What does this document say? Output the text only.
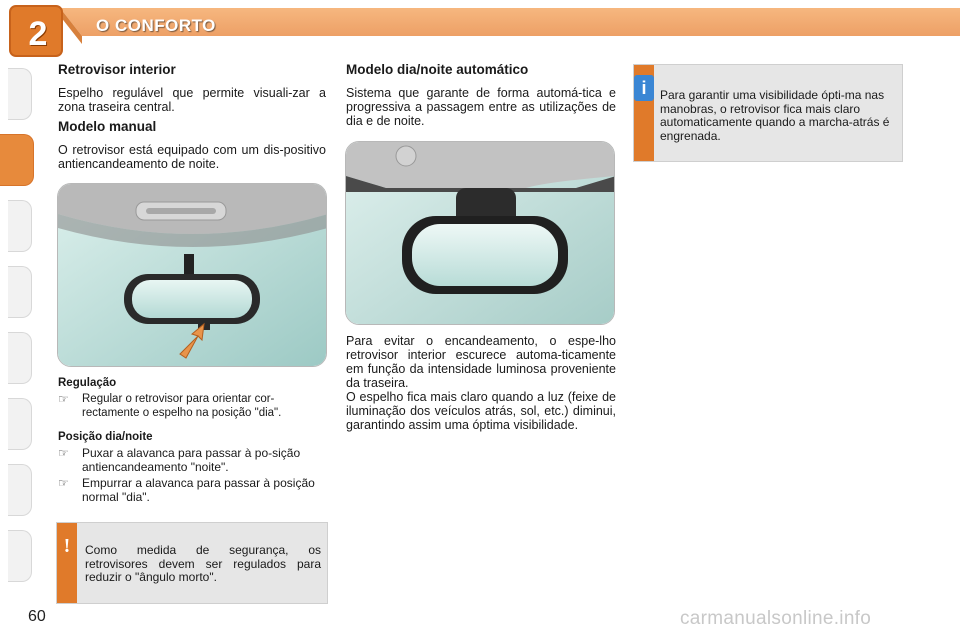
2	O CONFORTO
Retrovisor interior

Espelho regulável que permite visuali-zar a zona traseira central.

Modelo manual

O retrovisor está equipado com um dis-positivo antiencandeamento de noite.

Regulação
☞ Regular o retrovisor para orientar cor-rectamente o espelho na posição "dia".
Posição dia/noite
☞ Puxar a alavanca para passar à po-sição antiencandeamento "noite".
☞ Empurrar a alavanca para passar à posição normal "dia".
!	Como medida de segurança, os retrovisores devem ser regulados para reduzir o "ângulo morto".
Modelo dia/noite automático

Sistema que garante de forma automá-tica e progressiva a passagem entre as utilizações de dia e de noite.

Para evitar o encandeamento, o espe-lho retrovisor interior escurece automa-ticamente em função da intensidade luminosa proveniente da traseira.

O espelho fica mais claro quando a luz (feixe de iluminação dos veículos atrás, sol, etc.) diminui, garantindo assim uma óptima visibilidade.

i	Para garantir uma visibilidade ópti-ma nas manobras, o retrovisor fica mais claro automaticamente quando a marcha-atrás é engrenada.
60	carmanualsonline.info
